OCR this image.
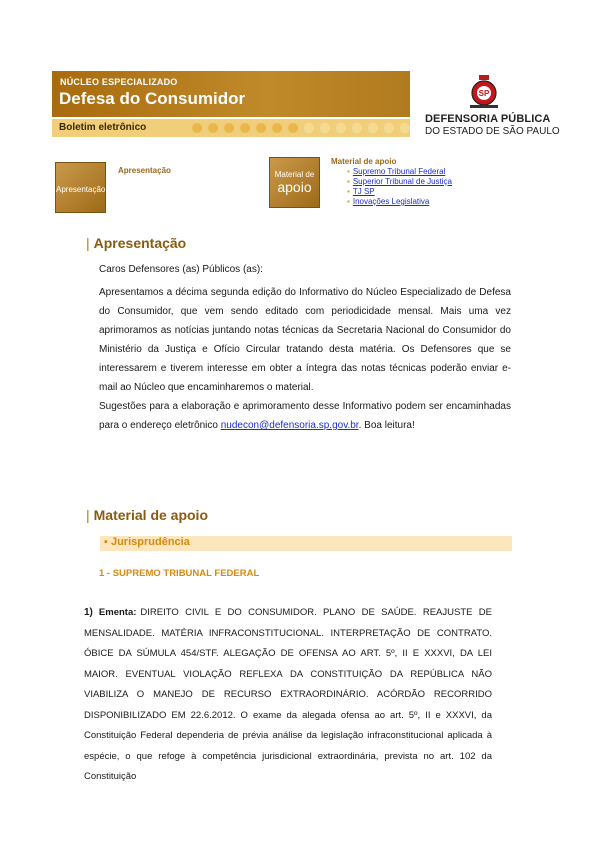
NÚCLEO ESPECIALIZADO
Defesa do Consumidor
Boletim eletrônico
SP
DEFENSORIA PÚBLICA
DO ESTADO DE SÃO PAULO
Apresentação
Apresentação	Material de
apoio
Material de apoio
▪ Supremo Tribunal Federal
▪ Superior Tribunal de Justiça
▪ TJ SP
▪ Inovações Legislativa
| Apresentação
Caros Defensores (as) Públicos (as):

Apresentamos a décima segunda edição do Informativo do Núcleo Especializado de Defesa do Consumidor, que vem sendo editado com periodicidade mensal. Mais uma vez aprimoramos as notícias juntando notas técnicas da Secretaria Nacional do Consumidor do Ministério da Justiça e Ofício Circular tratando desta matéria. Os Defensores que se interessarem e tiverem interesse em obter a íntegra das notas técnicas poderão enviar e-mail ao Núcleo que encaminharemos o material.
Sugestões para a elaboração e aprimoramento desse Informativo podem ser encaminhadas para o endereço eletrônico nudecon@defensoria.sp.gov.br. Boa leitura!

| Material de apoio
▪ Jurisprudência
1 - SUPREMO TRIBUNAL FEDERAL

1) Ementa: DIREITO CIVIL E DO CONSUMIDOR. PLANO DE SAÚDE. REAJUSTE DE MENSALIDADE. MATÉRIA INFRACONSTITUCIONAL. INTERPRETAÇÃO DE CONTRATO. ÓBICE DA SÚMULA 454/STF. ALEGAÇÃO DE OFENSA AO ART. 5º, II E XXXVI, DA LEI MAIOR. EVENTUAL VIOLAÇÃO REFLEXA DA CONSTITUIÇÃO DA REPÚBLICA NÃO VIABILIZA O MANEJO DE RECURSO EXTRAORDINÁRIO. ACÓRDÃO RECORRIDO DISPONIBILIZADO EM 22.6.2012. O exame da alegada ofensa ao art. 5º, II e XXXVI, da Constituição Federal dependeria de prévia análise da legislação infraconstitucional aplicada à espécie, o que refoge à competência jurisdicional extraordinária, prevista no art. 102 da Constituição
